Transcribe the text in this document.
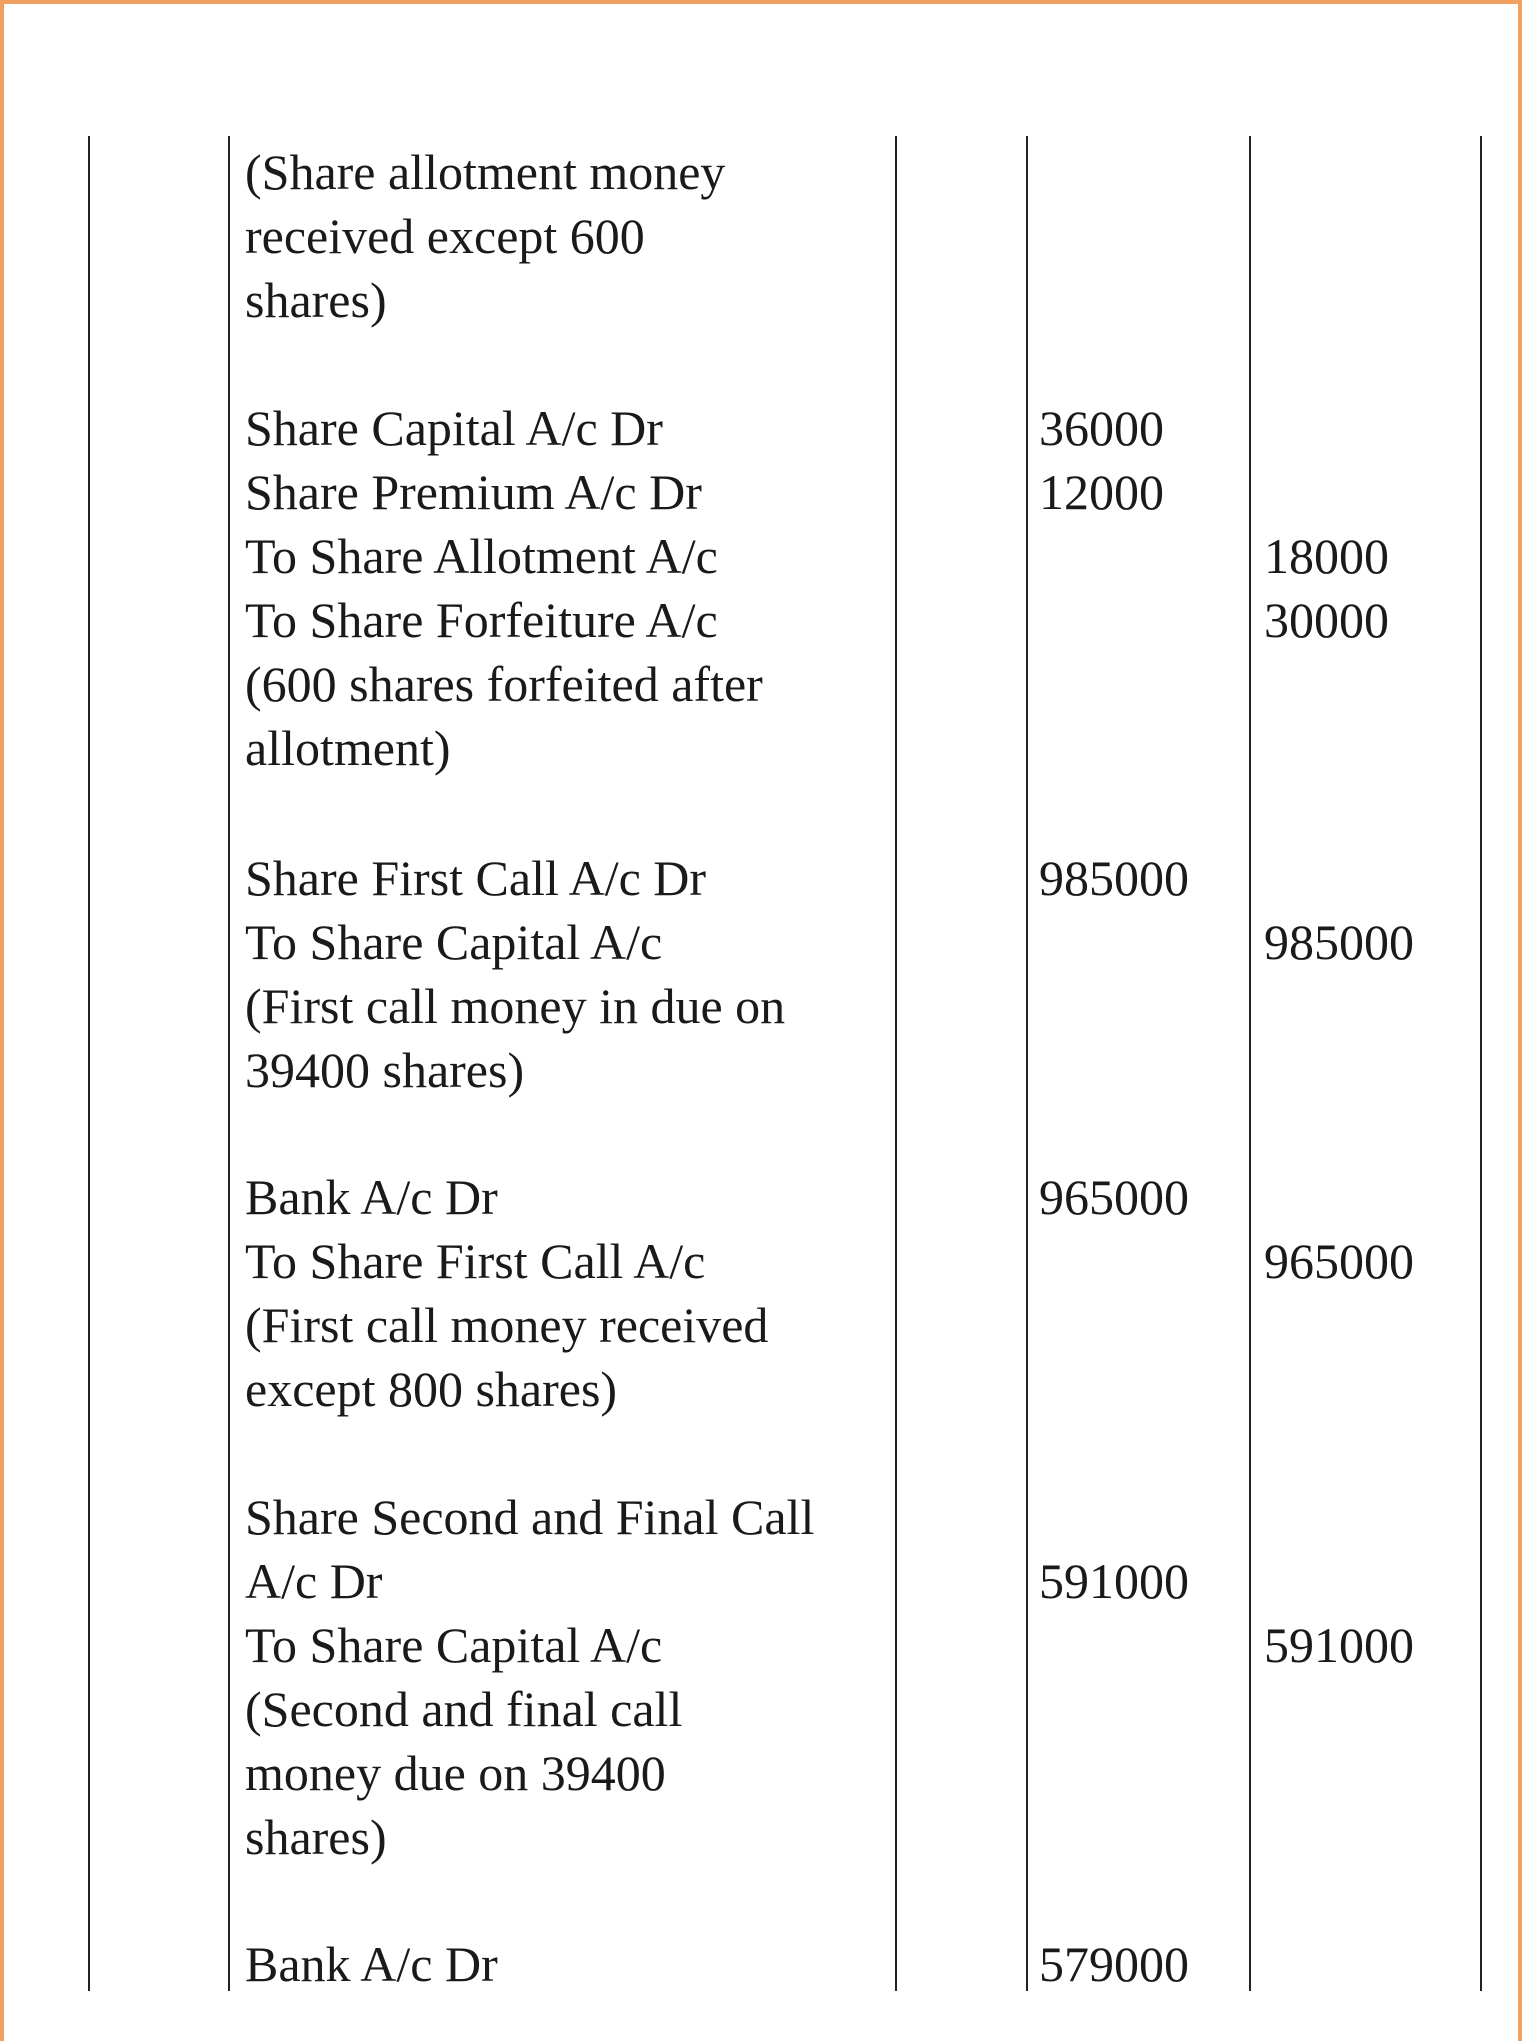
(Share allotment money
received except 600
shares)
Share Capital A/c Dr
Share Premium A/c Dr
To Share Allotment A/c
To Share Forfeiture A/c
(600 shares forfeited after
allotment)
36000
12000
18000
30000
Share First Call A/c Dr
To Share Capital A/c
(First call money in due on
39400 shares)
985000
985000
Bank A/c Dr
To Share First Call A/c
(First call money received
except 800 shares)
965000
965000
Share Second and Final Call
A/c Dr
To Share Capital A/c
(Second and final call
money due on 39400
shares)
591000
591000
Bank A/c Dr	579000
